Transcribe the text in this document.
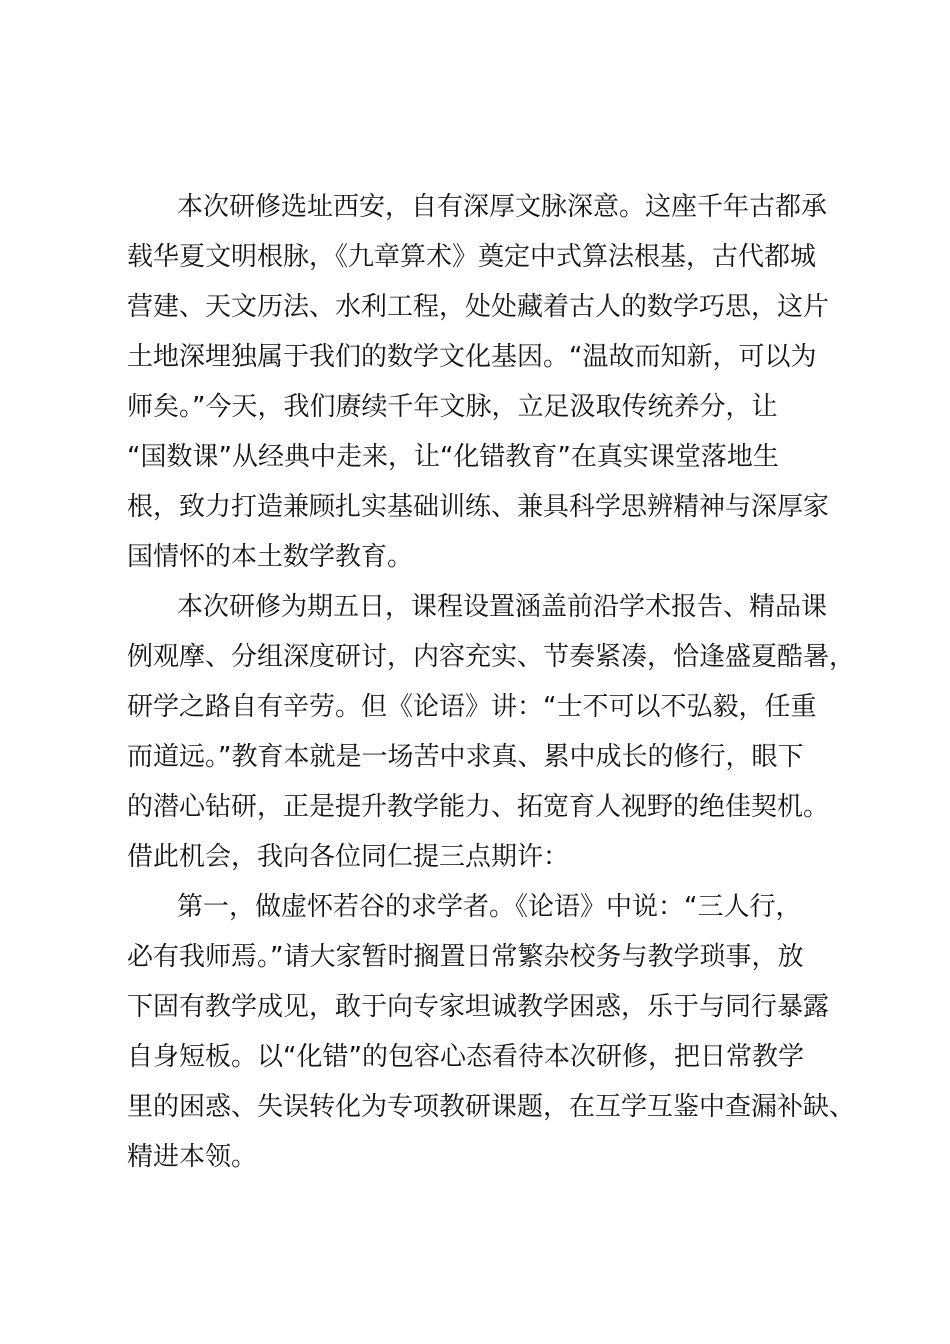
本次研修选址西安，自有深厚文脉深意。这座千年古都承
载华夏文明根脉，《九章算术》奠定中式算法根基，古代都城
营建、天文历法、水利工程，处处藏着古人的数学巧思，这片
土地深埋独属于我们的数学文化基因。“温故而知新，可以为
师矣。”今天，我们赓续千年文脉，立足汲取传统养分，让
“国数课”从经典中走来，让“化错教育”在真实课堂落地生
根，致力打造兼顾扎实基础训练、兼具科学思辨精神与深厚家
国情怀的本土数学教育。
本次研修为期五日，课程设置涵盖前沿学术报告、精品课
例观摩、分组深度研讨，内容充实、节奏紧凑，恰逢盛夏酷暑，
研学之路自有辛劳。但《论语》讲：“士不可以不弘毅，任重
而道远。”教育本就是一场苦中求真、累中成长的修行，眼下
的潜心钻研，正是提升教学能力、拓宽育人视野的绝佳契机。
借此机会，我向各位同仁提三点期许：
第一，做虚怀若谷的求学者。《论语》中说：“三人行，
必有我师焉。”请大家暂时搁置日常繁杂校务与教学琐事，放
下固有教学成见，敢于向专家坦诚教学困惑，乐于与同行暴露
自身短板。以“化错”的包容心态看待本次研修，把日常教学
里的困惑、失误转化为专项教研课题，在互学互鉴中查漏补缺、
精进本领。
